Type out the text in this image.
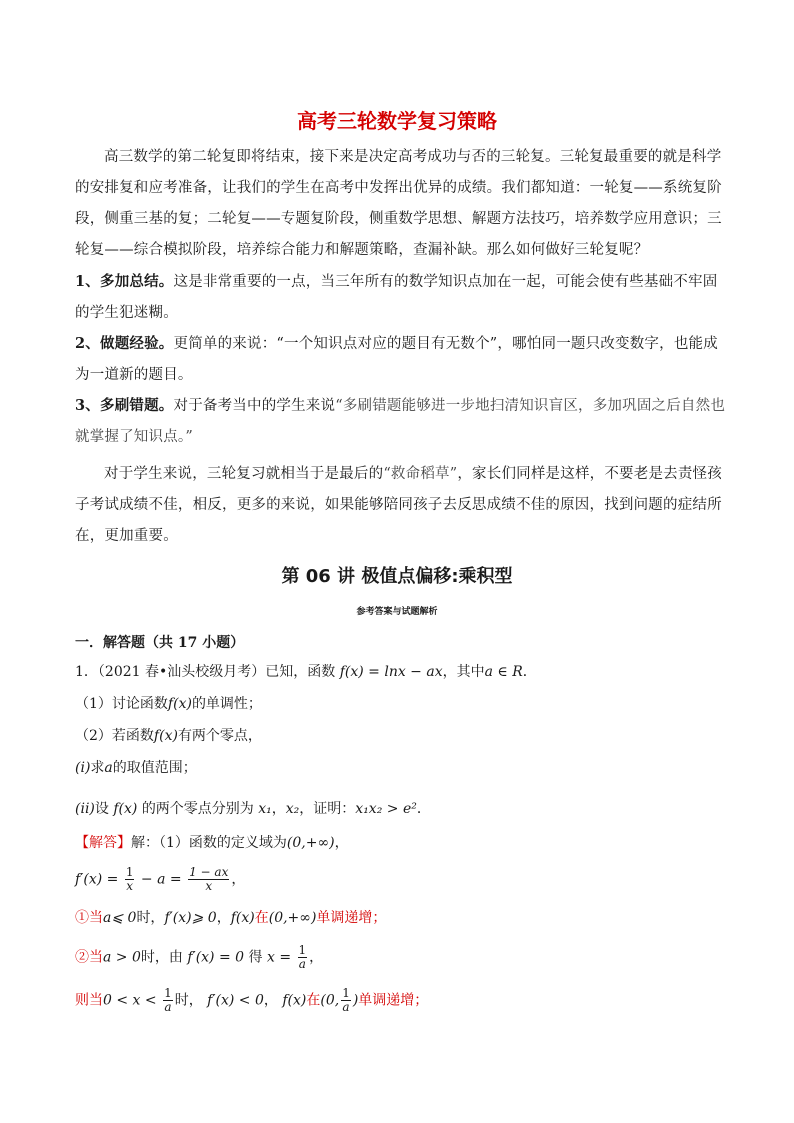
高考三轮数学复习策略
高三数学的第二轮复即将结束，接下来是决定高考成功与否的三轮复。三轮复最重要的就是科学的安排复和应考准备，让我们的学生在高考中发挥出优异的成绩。我们都知道：一轮复——系统复阶段，侧重三基的复；二轮复——专题复阶段，侧重数学思想、解题方法技巧，培养数学应用意识；三轮复——综合模拟阶段，培养综合能力和解题策略，查漏补缺。那么如何做好三轮复呢？
1、多加总结。这是非常重要的一点，当三年所有的数学知识点加在一起，可能会使有些基础不牢固的学生犯迷糊。
2、做题经验。更简单的来说：“一个知识点对应的题目有无数个”，哪怕同一题只改变数字，也能成为一道新的题目。
3、多刷错题。对于备考当中的学生来说“多刷错题能够进一步地扫清知识盲区，多加巩固之后自然也就掌握了知识点。”
对于学生来说，三轮复习就相当于是最后的“救命稻草”，家长们同样是这样，不要老是去责怪孩子考试成绩不佳，相反，更多的来说，如果能够陪同孩子去反思成绩不佳的原因，找到问题的症结所在，更加重要。
第 06 讲 极值点偏移:乘积型
参考答案与试题解析
一．解答题（共 17 小题）
1．（2021 春•汕头校级月考）已知，函数 f(x) = lnx − ax，其中a ∈ R．
（1）讨论函数f(x)的单调性；
（2）若函数f(x)有两个零点，
(i)求a的取值范围；
(ii)设 f(x) 的两个零点分别为 x₁，x₂，证明：x₁x₂ > e²．
【解答】解：（1）函数的定义域为(0,+∞)，
$f'(x) = \frac{1}{x} - a = \frac{1 - ax}{x}$ ，
①当a⩽ 0时，f′(x)⩾ 0，f(x)在(0,+∞)单调递增；
②当a > 0时，由 f′(x) = 0 得 $x = \frac{1}{a}$ ，
则当$0 < x < \frac{1}{a}$ 时， f′(x) < 0， f(x)在(0, $\frac{1}{a}$ )单调递增；
